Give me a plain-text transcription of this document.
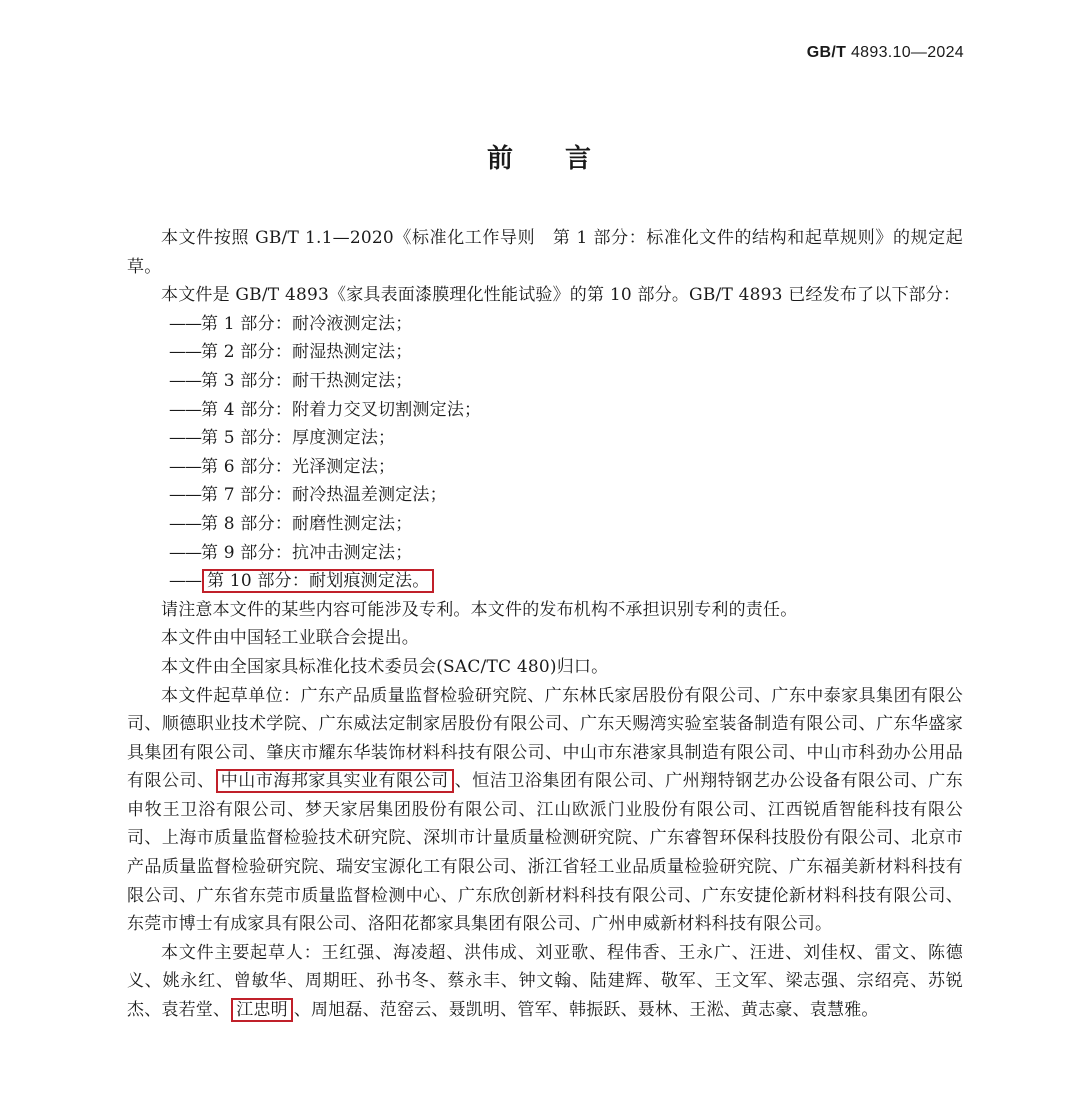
GB/T 4893.10—2024
前 言

本文件按照 GB/T 1.1—2020《标准化工作导则　第 1 部分：标准化文件的结构和起草规则》的规定起草。

本文件是 GB/T 4893《家具表面漆膜理化性能试验》的第 10 部分。GB/T 4893 已经发布了以下部分：

——第 1 部分：耐冷液测定法；

——第 2 部分：耐湿热测定法；

——第 3 部分：耐干热测定法；

——第 4 部分：附着力交叉切割测定法；

——第 5 部分：厚度测定法；

——第 6 部分：光泽测定法；

——第 7 部分：耐冷热温差测定法；

——第 8 部分：耐磨性测定法；

——第 9 部分：抗冲击测定法；

—— 第 10 部分：耐划痕测定法。

请注意本文件的某些内容可能涉及专利。本文件的发布机构不承担识别专利的责任。

本文件由中国轻工业联合会提出。

本文件由全国家具标准化技术委员会(SAC/TC 480)归口。

本文件起草单位：广东产品质量监督检验研究院、广东林氏家居股份有限公司、广东中泰家具集团有限公司、顺德职业技术学院、广东威法定制家居股份有限公司、广东天赐湾实验室装备制造有限公司、广东华盛家具集团有限公司、肇庆市耀东华装饰材料科技有限公司、中山市东港家具制造有限公司、中山市科劲办公用品有限公司、 中山市海邦家具实业有限公司 、恒洁卫浴集团有限公司、广州翔特钢艺办公设备有限公司、广东申牧王卫浴有限公司、梦天家居集团股份有限公司、江山欧派门业股份有限公司、江西锐盾智能科技有限公司、上海市质量监督检验技术研究院、深圳市计量质量检测研究院、广东睿智环保科技股份有限公司、北京市产品质量监督检验研究院、瑞安宝源化工有限公司、浙江省轻工业品质量检验研究院、广东福美新材料科技有限公司、广东省东莞市质量监督检测中心、广东欣创新材料科技有限公司、广东安捷伦新材料科技有限公司、东莞市博士有成家具有限公司、洛阳花都家具集团有限公司、广州申威新材料科技有限公司。

本文件主要起草人：王红强、海凌超、洪伟成、刘亚歌、程伟香、王永广、汪进、刘佳权、雷文、陈德义、姚永红、曾敏华、周期旺、孙书冬、蔡永丰、钟文翰、陆建辉、敬军、王文军、梁志强、宗绍亮、苏锐杰、袁若堂、 江忠明 、周旭磊、范窑云、聂凯明、管军、韩振跃、聂林、王淞、黄志豪、袁慧雅。
